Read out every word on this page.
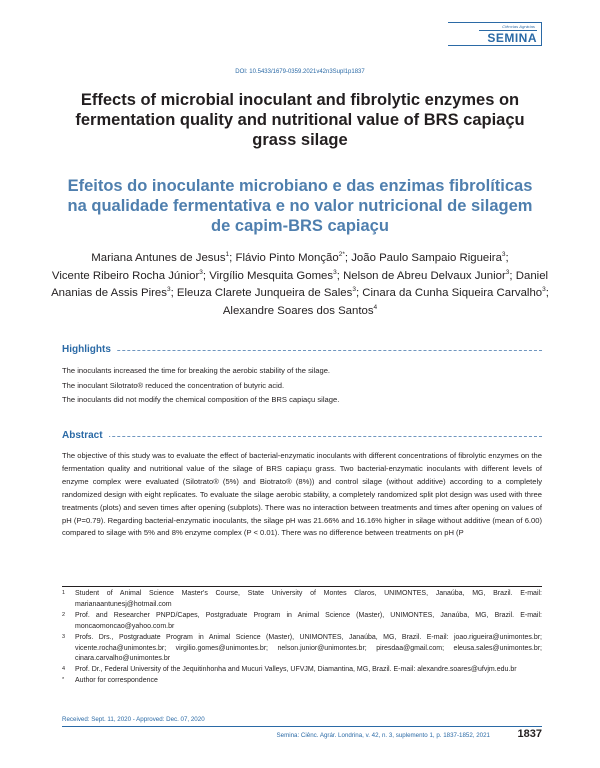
Ciências Agrárias
SEMINA
DOI: 10.5433/1679-0359.2021v42n3Supl1p1837
Effects of microbial inoculant and fibrolytic enzymes on fermentation quality and nutritional value of BRS capiaçu grass silage
Efeitos do inoculante microbiano e das enzimas fibrolíticas na qualidade fermentativa e no valor nutricional de silagem de capim-BRS capiaçu
Mariana Antunes de Jesus$^1$; Flávio Pinto Monção$^{2*}$; João Paulo Sampaio Rigueira$^3$;
Vicente Ribeiro Rocha Júnior$^3$; Virgílio Mesquita Gomes$^3$; Nelson de Abreu Delvaux Junior$^3$; Daniel Ananias de Assis Pires$^3$; Eleuza Clarete Junqueira de Sales$^3$; Cinara da Cunha Siqueira Carvalho$^3$; Alexandre Soares dos Santos$^4$
Highlights
The inoculants increased the time for breaking the aerobic stability of the silage.
The inoculant Silotrato® reduced the concentration of butyric acid.
The inoculants did not modify the chemical composition of the BRS capiaçu silage.
Abstract

The objective of this study was to evaluate the effect of bacterial-enzymatic inoculants with different concentrations of fibrolytic enzymes on the fermentation quality and nutritional value of the silage of BRS capiaçu grass. Two bacterial-enzymatic inoculants with different levels of enzyme complex were evaluated (Silotrato® (5%) and Biotrato® (8%)) and control silage (without additive) according to a completely randomized design with eight replicates. To evaluate the silage aerobic stability, a completely randomized split plot design was used with three treatments (plots) and seven times after opening (subplots). There was no interaction between treatments and times after opening on values of pH (P=0.79). Regarding bacterial-enzymatic inoculants, the silage pH was 21.66% and 16.16% higher in silage without additive (mean of 6.00) compared to silage with 5% and 8% enzyme complex (P < 0.01). There was no difference between treatments on pH (P

1 Student of Animal Science Master's Course, State University of Montes Claros, UNIMONTES, Janaúba, MG, Brazil. E-mail: marianaantunesj@hotmail.com
2 Prof. and Researcher PNPD/Capes, Postgraduate Program in Animal Science (Master), UNIMONTES, Janaúba, MG, Brazil. E-mail: moncaomoncao@yahoo.com.br
3 Profs. Drs., Postgraduate Program in Animal Science (Master), UNIMONTES, Janaúba, MG, Brazil. E-mail: joao.rigueira@unimontes.br; vicente.rocha@unimontes.br; virgilio.gomes@unimontes.br; nelson.junior@unimontes.br; piresdaa@gmail.com; eleusa.sales@unimontes.br; cinara.carvalho@unimontes.br
4 Prof. Dr., Federal University of the Jequitinhonha and Mucuri Valleys, UFVJM, Diamantina, MG, Brazil. E-mail: alexandre.soares@ufvjm.edu.br
* Author for correspondence
Received: Sept. 11, 2020 - Approved: Dec. 07, 2020
Semina: Ciênc. Agrár. Londrina, v. 42, n. 3, suplemento 1, p. 1837-1852, 2021	1837
